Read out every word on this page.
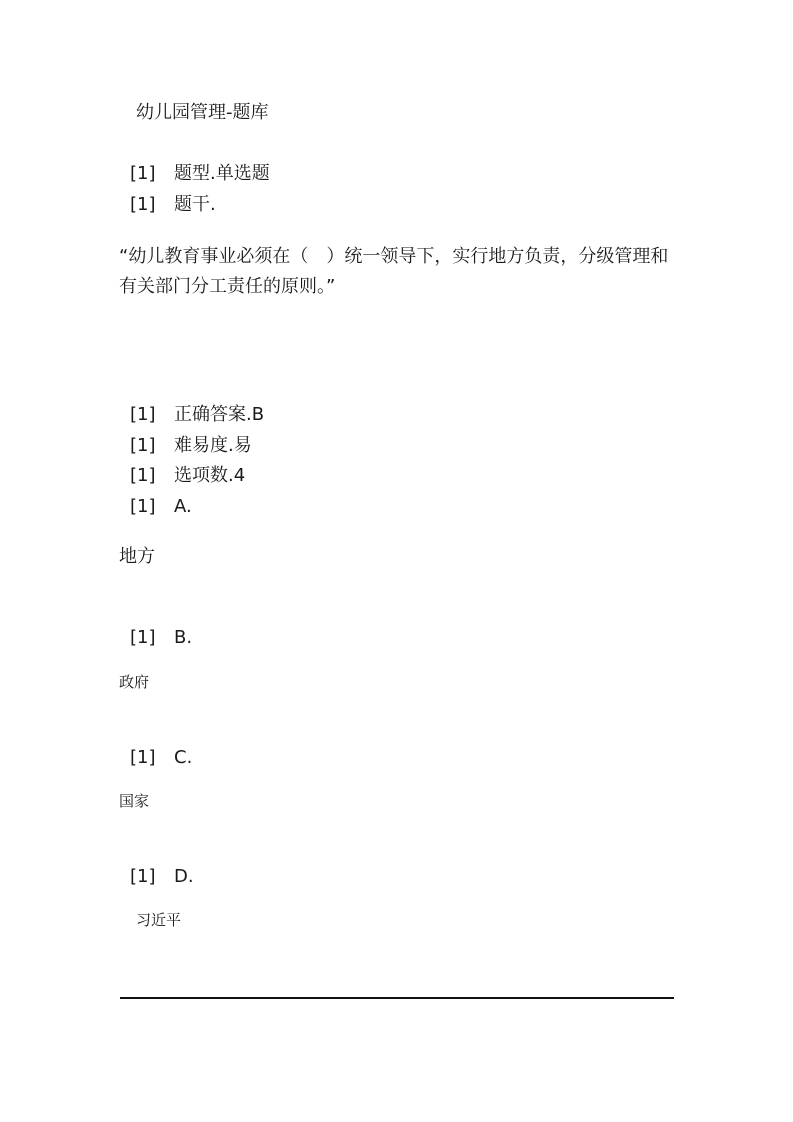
幼儿园管理-题库
[1] 题型.单选题
[1] 题干.
“幼儿教育事业必须在（　）统一领导下，实行地方负责，分级管理和有关部门分工责任的原则。”
[1] 正确答案.B
[1] 难易度.易
[1] 选项数.4
[1] A.
地方
[1] B.
政府
[1] C.
国家
[1] D.
习近平
